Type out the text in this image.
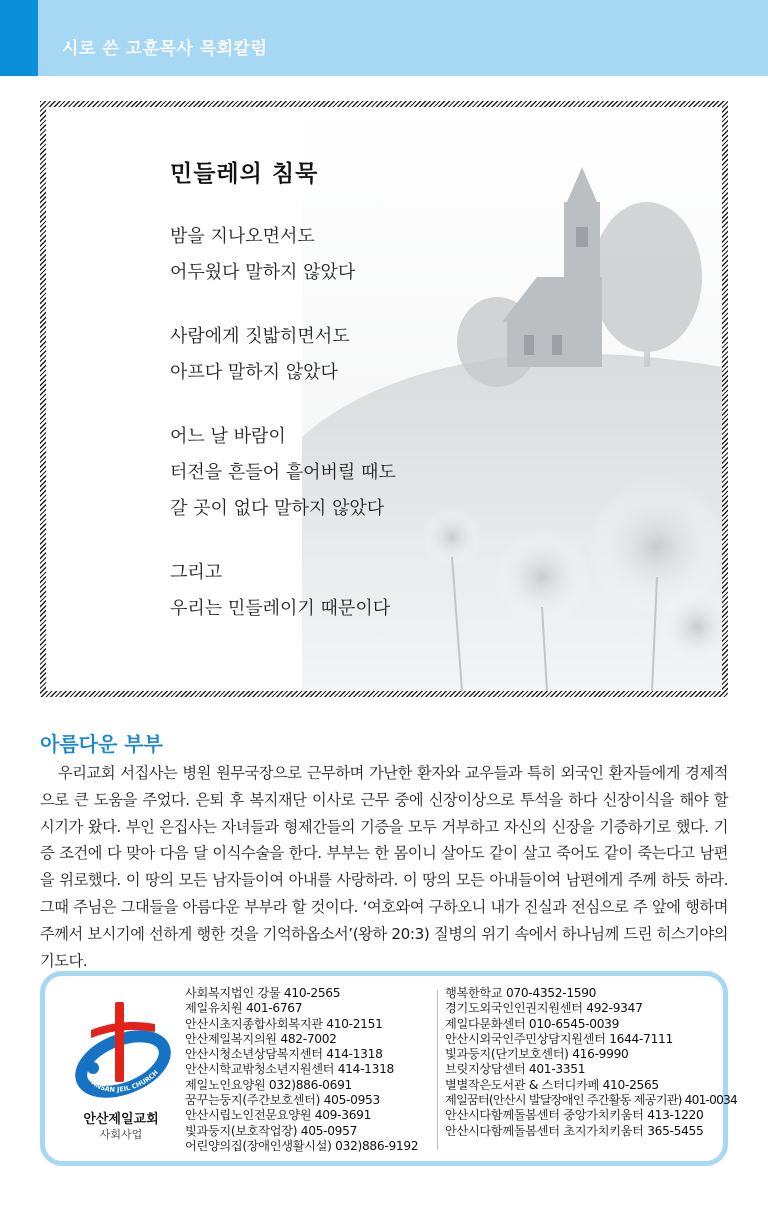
시로 쓴 고훈목사 목회칼럼
민들레의 침묵
밤을 지나오면서도
어두웠다 말하지 않았다
사람에게 짓밟히면서도
아프다 말하지 않았다
어느 날 바람이
터전을 흔들어 흩어버릴 때도
갈 곳이 없다 말하지 않았다
그리고
우리는 민들레이기 때문이다
아름다운 부부

우리교회 서집사는 병원 원무국장으로 근무하며 가난한 환자와 교우들과 특히 외국인 환자들에게 경제적으로 큰 도움을 주었다. 은퇴 후 복지재단 이사로 근무 중에 신장이상으로 투석을 하다 신장이식을 해야 할 시기가 왔다. 부인 은집사는 자녀들과 형제간들의 기증을 모두 거부하고 자신의 신장을 기증하기로 했다. 기증 조건에 다 맞아 다음 달 이식수술을 한다. 부부는 한 몸이니 살아도 같이 살고 죽어도 같이 죽는다고 남편을 위로했다. 이 땅의 모든 남자들이여 아내를 사랑하라. 이 땅의 모든 아내들이여 남편에게 주께 하듯 하라. 그때 주님은 그대들을 아름다운 부부라 할 것이다. ‘여호와여 구하오니 내가 진실과 전심으로 주 앞에 행하며 주께서 보시기에 선하게 행한 것을 기억하옵소서’(왕하 20:3) 질병의 위기 속에서 하나님께 드린 히스기야의 기도다.

ANSAN JEIL CHURCH
안산제일교회
사회사업
사회복지법인 강물 410-2565
제일유치원 401-6767
안산시초지종합사회복지관 410-2151
안산제일복지의원 482-7002
안산시청소년상담복지센터 414-1318
안산시학교밖청소년지원센터 414-1318
제일노인요양원 032)886-0691
꿈꾸는둥지(주간보호센터) 405-0953
안산시립노인전문요양원 409-3691
빛과둥지(보호작업장) 405-0957
어린양의집(장애인생활시설) 032)886-9192
행복한학교 070-4352-1590
경기도외국인인권지원센터 492-9347
제일다문화센터 010-6545-0039
안산시외국인주민상담지원센터 1644-7111
빛과둥지(단기보호센터) 416-9990
브릿지상담센터 401-3351
별별작은도서관 & 스터디카페 410-2565
제일꿈터(안산시 발달장애인 주간활동 제공기관) 401-0034
안산시다함께돌봄센터 중앙가치키움터 413-1220
안산시다함께돌봄센터 초지가치키움터 365-5455
